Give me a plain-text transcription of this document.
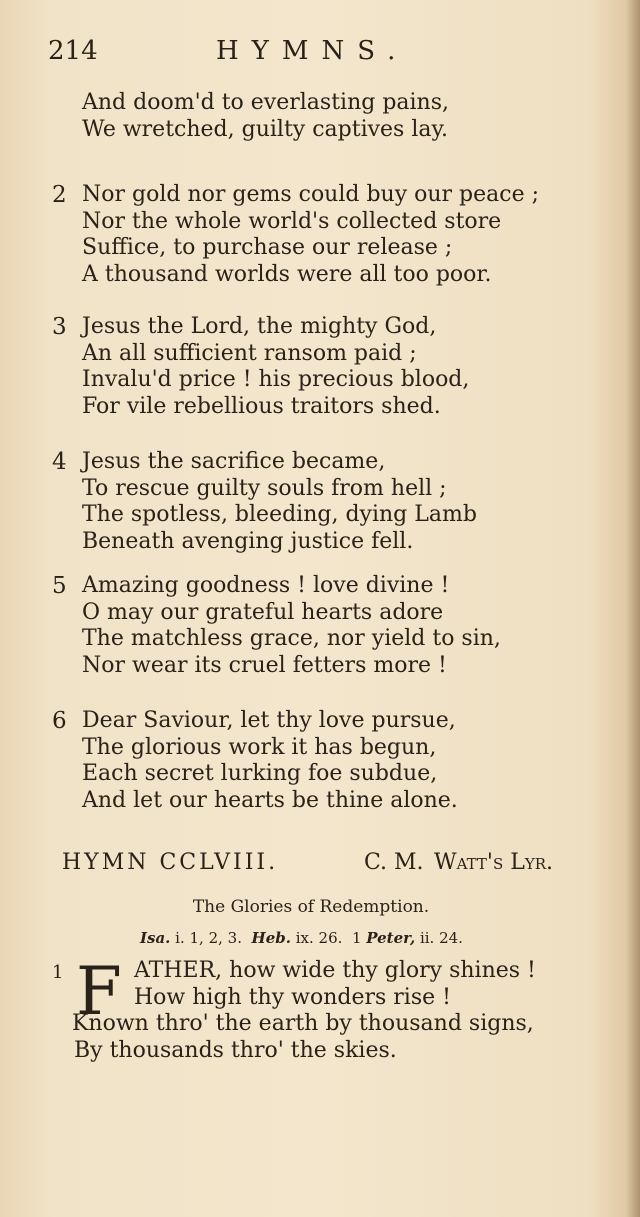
214	HYMNS.
And doom'd to everlasting pains,
We wretched, guilty captives lay.
2 Nor gold nor gems could buy our peace ;
Nor the whole world's collected store
Suffice, to purchase our release ;
A thousand worlds were all too poor.
3 Jesus the Lord, the mighty God,
An all sufficient ransom paid ;
Invalu'd price ! his precious blood,
For vile rebellious traitors shed.
4 Jesus the sacrifice became,
To rescue guilty souls from hell ;
The spotless, bleeding, dying Lamb
Beneath avenging justice fell.
5 Amazing goodness ! love divine !
O may our grateful hearts adore
The matchless grace, nor yield to sin,
Nor wear its cruel fetters more !
6 Dear Saviour, let thy love pursue,
The glorious work it has begun,
Each secret lurking foe subdue,
And let our hearts be thine alone.
HYMN CCLVIII.	C. M. Watt's Lyr.
The Glories of Redemption.
Isa. i. 1, 2, 3. Heb. ix. 26. 1 Peter, ii. 24.
1 F ATHER, how wide thy glory shines !
How high thy wonders rise !
Known thro' the earth by thousand signs,
By thousands thro' the skies.
